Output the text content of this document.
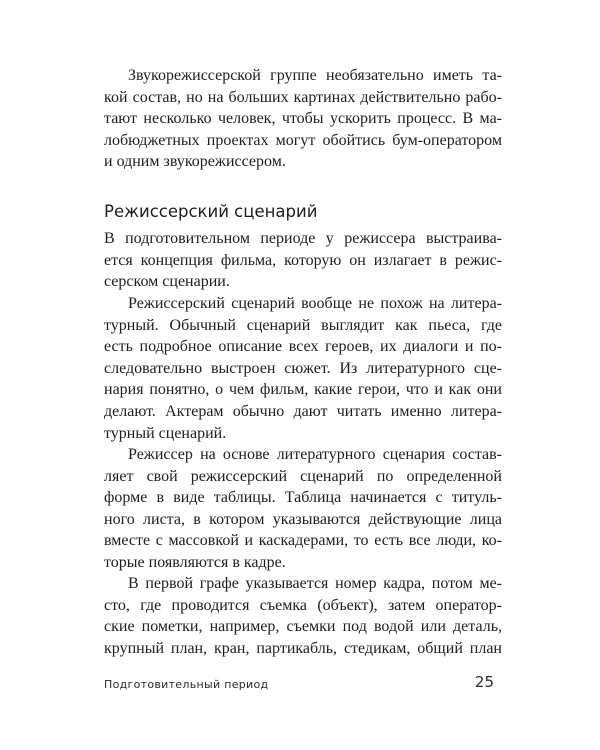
Звукорежиссерской группе необязательно иметь та-
кой состав, но на больших картинах действительно рабо-
тают несколько человек, чтобы ускорить процесс. В ма-
лобюджетных проектах могут обойтись бум-оператором
и одним звукорежиссером.
Режиссерский сценарий
В подготовительном периоде у режиссера выстраива-
ется концепция фильма, которую он излагает в режис-
серском сценарии.
Режиссерский сценарий вообще не похож на литера-
турный. Обычный сценарий выглядит как пьеса, где
есть подробное описание всех героев, их диалоги и по-
следовательно выстроен сюжет. Из литературного сце-
нария понятно, о чем фильм, какие герои, что и как они
делают. Актерам обычно дают читать именно литера-
турный сценарий.
Режиссер на основе литературного сценария состав-
ляет свой режиссерский сценарий по определенной
форме в виде таблицы. Таблица начинается с титуль-
ного листа, в котором указываются действующие лица
вместе с массовкой и каскадерами, то есть все люди, ко-
торые появляются в кадре.
В первой графе указывается номер кадра, потом ме-
сто, где проводится съемка (объект), затем оператор-
ские пометки, например, съемки под водой или деталь,
крупный план, кран, партикабль, стедикам, общий план
Подготовительный период	25
